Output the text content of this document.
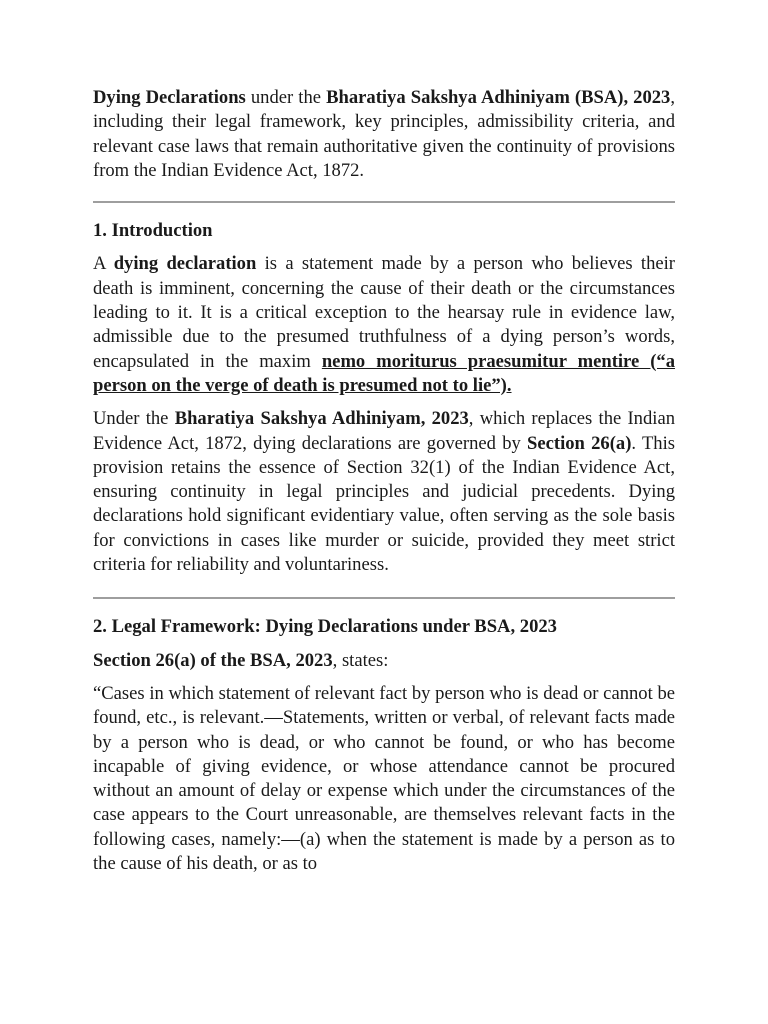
Dying Declarations under the Bharatiya Sakshya Adhiniyam (BSA), 2023, including their legal framework, key principles, admissibility criteria, and relevant case laws that remain authoritative given the continuity of provisions from the Indian Evidence Act, 1872.

1. Introduction

A dying declaration is a statement made by a person who believes their death is imminent, concerning the cause of their death or the circumstances leading to it. It is a critical exception to the hearsay rule in evidence law, admissible due to the presumed truthfulness of a dying person’s words, encapsulated in the maxim nemo moriturus praesumitur mentire (“a person on the verge of death is presumed not to lie”).

Under the Bharatiya Sakshya Adhiniyam, 2023, which replaces the Indian Evidence Act, 1872, dying declarations are governed by Section 26(a). This provision retains the essence of Section 32(1) of the Indian Evidence Act, ensuring continuity in legal principles and judicial precedents. Dying declarations hold significant evidentiary value, often serving as the sole basis for convictions in cases like murder or suicide, provided they meet strict criteria for reliability and voluntariness.

2. Legal Framework: Dying Declarations under BSA, 2023

Section 26(a) of the BSA, 2023, states:

“Cases in which statement of relevant fact by person who is dead or cannot be found, etc., is relevant.—Statements, written or verbal, of relevant facts made by a person who is dead, or who cannot be found, or who has become incapable of giving evidence, or whose attendance cannot be procured without an amount of delay or expense which under the circumstances of the case appears to the Court unreasonable, are themselves relevant facts in the following cases, namely:—(a) when the statement is made by a person as to the cause of his death, or as to
